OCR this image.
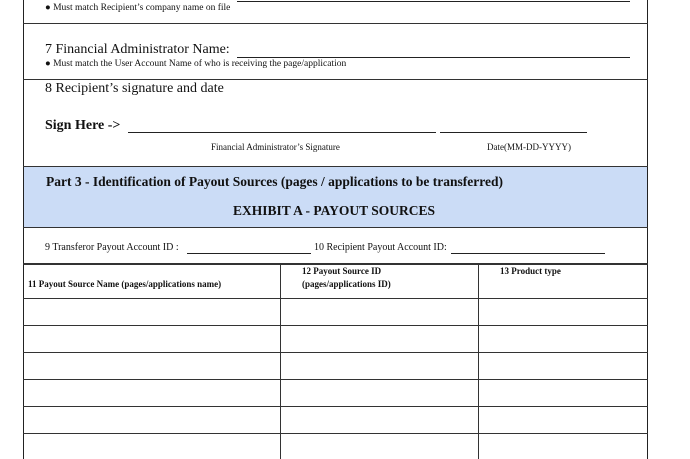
● Must match Recipient’s company name on file
7 Financial Administrator Name:
● Must match the User Account Name of who is receiving the page/application
8 Recipient’s signature and date
Sign Here ->
Financial Administrator’s Signature	Date(MM-DD-YYYY)
Part 3 - Identification of Payout Sources (pages / applications to be transferred)
EXHIBIT A - PAYOUT SOURCES
9 Transferor Payout Account ID :	10 Recipient Payout Account ID:
11 Payout Source Name (pages/applications name)
12 Payout Source ID
(pages/applications ID)
13 Product type
